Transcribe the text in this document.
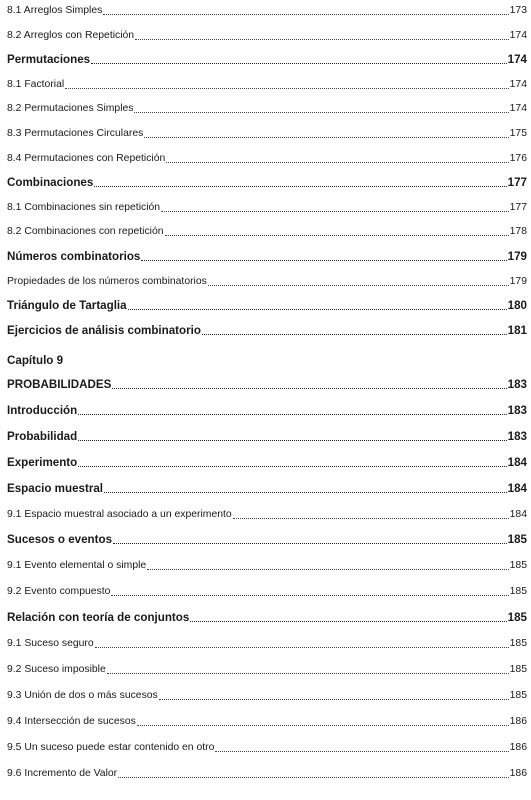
8.1 Arreglos Simples	173
8.2 Arreglos con Repetición	174
Permutaciones	174
8.1 Factorial	174
8.2 Permutaciones Simples	174
8.3 Permutaciones Circulares	175
8.4 Permutaciones con Repetición	176
Combinaciones	177
8.1 Combinaciones sin repetición	177
8.2 Combinaciones con repetición	178
Números combinatorios	179
Propiedades de los números combinatorios	179
Triángulo de Tartaglia	180
Ejercicios de análisis combinatorio	181
Capítulo 9
PROBABILIDADES	183
Introducción	183
Probabilidad	183
Experimento	184
Espacio muestral	184
9.1 Espacio muestral asociado a un experimento	184
Sucesos o eventos	185
9.1 Evento elemental o simple	185
9.2 Evento compuesto	185
Relación con teoría de conjuntos	185
9.1 Suceso seguro	185
9.2 Suceso imposible	185
9.3 Unión de dos o más sucesos	185
9.4 Intersección de sucesos	186
9.5 Un suceso puede estar contenido en otro	186
9.6 Incremento de Valor	186
